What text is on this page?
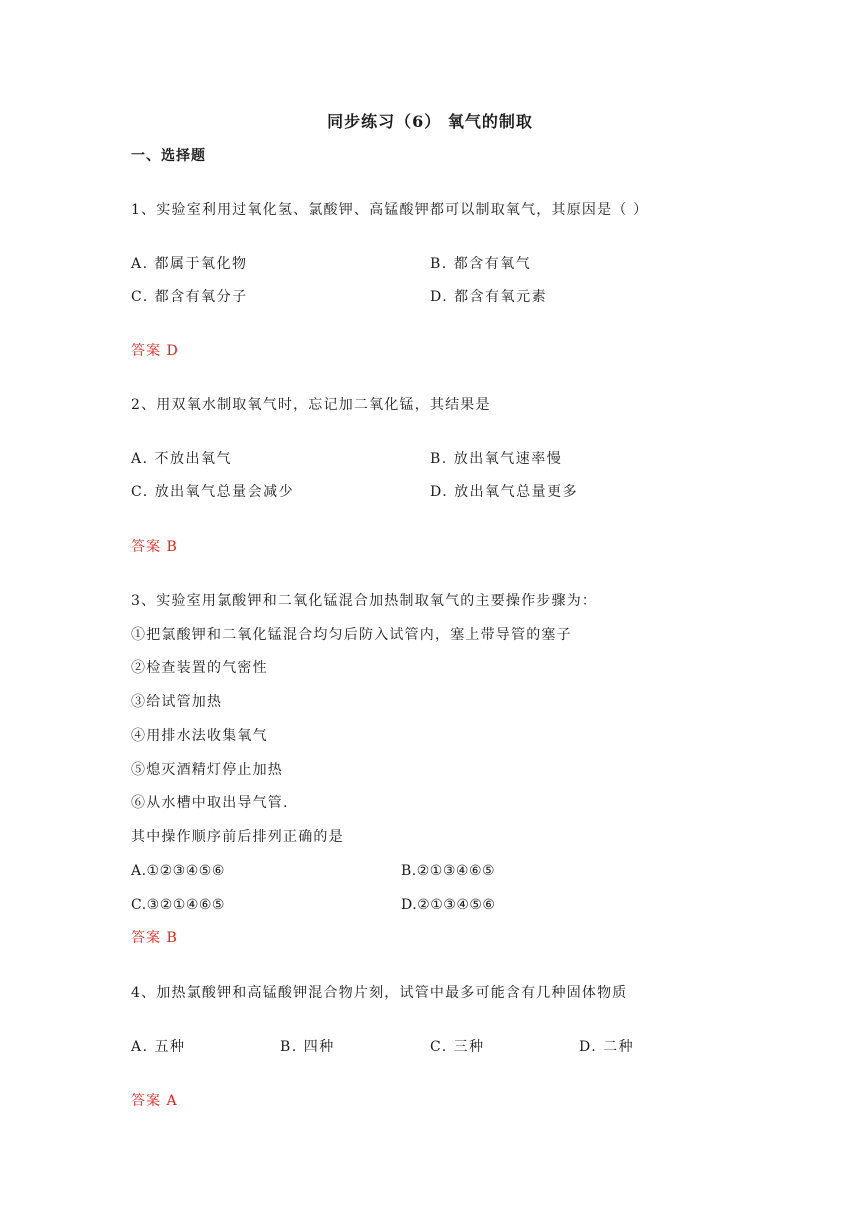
同步练习（6） 氧气的制取
一、选择题
1、实验室利用过氧化氢、氯酸钾、高锰酸钾都可以制取氧气，其原因是（ ）
A. 都属于氧化物	B. 都含有氧气
C. 都含有氧分子	D. 都含有氧元素
答案 D
2、用双氧水制取氧气时，忘记加二氧化锰，其结果是
A. 不放出氧气	B. 放出氧气速率慢
C. 放出氧气总量会减少	D. 放出氧气总量更多
答案 B
3、实验室用氯酸钾和二氧化锰混合加热制取氧气的主要操作步骤为：
①把氯酸钾和二氧化锰混合均匀后防入试管内，塞上带导管的塞子
②检查装置的气密性
③给试管加热
④用排水法收集氧气
⑤熄灭酒精灯停止加热
⑥从水槽中取出导气管.
其中操作顺序前后排列正确的是
A.①②③④⑤⑥	B.②①③④⑥⑤
C.③②①④⑥⑤	D.②①③④⑤⑥
答案 B
4、加热氯酸钾和高锰酸钾混合物片刻，试管中最多可能含有几种固体物质
A. 五种	B. 四种	C. 三种	D. 二种
答案 A
